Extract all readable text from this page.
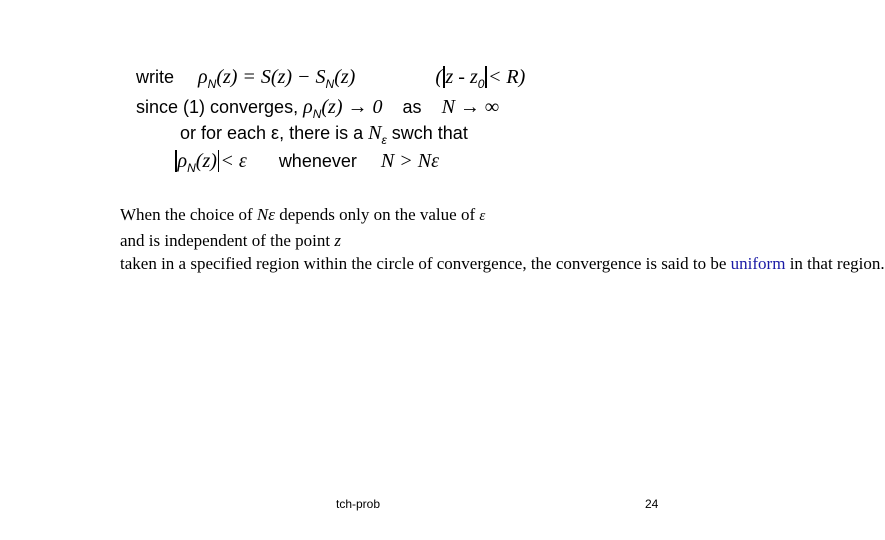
write $\rho_N(z) = S(z) - S_N(z)$	( $z - z_0 < R$)
since (1) converges, $\rho_N(z) \to 0$ as N → ∞
or for each ε, there is a $N_\varepsilon$ swch that
$\rho_N(z) < \varepsilon$ whenever N > Nε
When the choice of Nε depends only on the value of ε
and is independent of the point z taken in a specified region within the circle of convergence, the convergence is said to be uniform in that region.
tch-prob	24
